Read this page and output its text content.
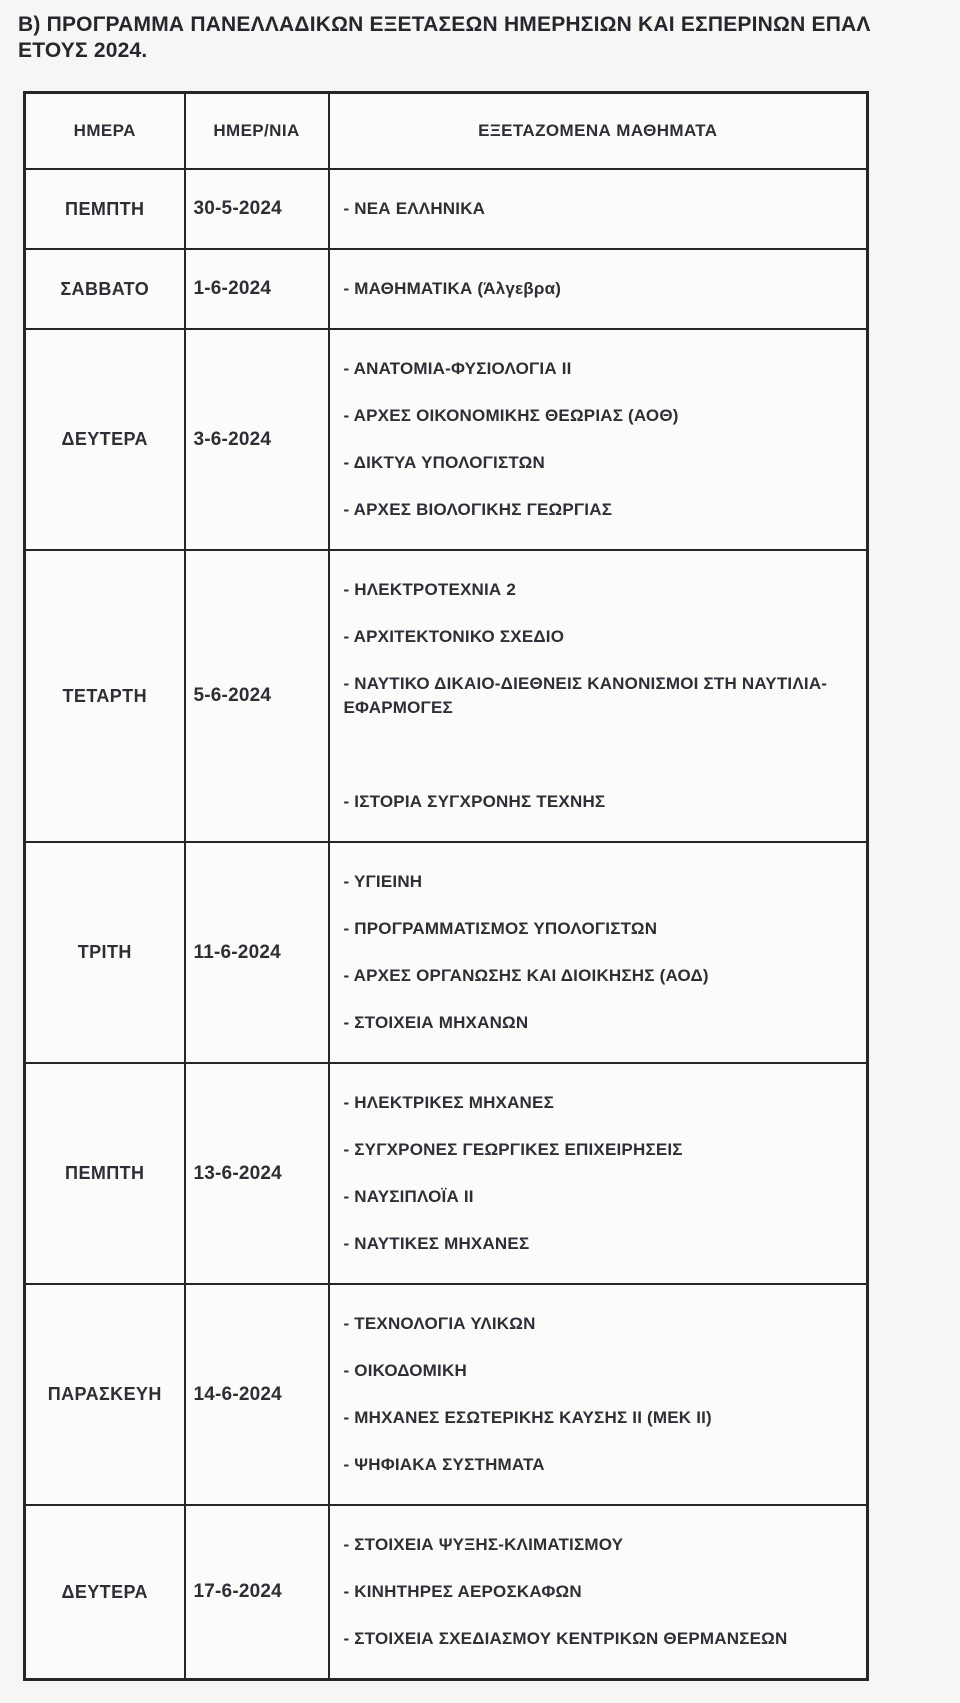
Β) ΠΡΟΓΡΑΜΜΑ ΠΑΝΕΛΛΑΔΙΚΩΝ ΕΞΕΤΑΣΕΩΝ ΗΜΕΡΗΣΙΩΝ ΚΑΙ ΕΣΠΕΡΙΝΩΝ ΕΠΑΛ ΕΤΟΥΣ 2024.
ΗΜΕΡΑ	ΗΜΕΡ/ΝΙΑ	ΕΞΕΤΑΖΟΜΕΝΑ ΜΑΘΗΜΑΤΑ
ΠΕΜΠΤΗ	30-5-2024	- ΝΕΑ ΕΛΛΗΝΙΚΑ

ΣΑΒΒΑΤΟ	1-6-2024	- ΜΑΘΗΜΑΤΙΚΑ (Άλγεβρα)

ΔΕΥΤΕΡΑ	3-6-2024	- ΑΝΑΤΟΜΙΑ-ΦΥΣΙΟΛΟΓΙΑ II

- ΑΡΧΕΣ ΟΙΚΟΝΟΜΙΚΗΣ ΘΕΩΡΙΑΣ (ΑΟΘ)

- ΔΙΚΤΥΑ ΥΠΟΛΟΓΙΣΤΩΝ

- ΑΡΧΕΣ ΒΙΟΛΟΓΙΚΗΣ ΓΕΩΡΓΙΑΣ

ΤΕΤΑΡΤΗ	5-6-2024	- ΗΛΕΚΤΡΟΤΕΧΝΙΑ 2

- ΑΡΧΙΤΕΚΤΟΝΙΚΟ ΣΧΕΔΙΟ

- ΝΑΥΤΙΚΟ ΔΙΚΑΙΟ-ΔΙΕΘΝΕΙΣ ΚΑΝΟΝΙΣΜΟΙ ΣΤΗ ΝΑΥΤΙΛΙΑ-ΕΦΑΡΜΟΓΕΣ

- ΙΣΤΟΡΙΑ ΣΥΓΧΡΟΝΗΣ ΤΕΧΝΗΣ

ΤΡΙΤΗ	11-6-2024	- ΥΓΙΕΙΝΗ

- ΠΡΟΓΡΑΜΜΑΤΙΣΜΟΣ ΥΠΟΛΟΓΙΣΤΩΝ

- ΑΡΧΕΣ ΟΡΓΑΝΩΣΗΣ ΚΑΙ ΔΙΟΙΚΗΣΗΣ (ΑΟΔ)

- ΣΤΟΙΧΕΙΑ ΜΗΧΑΝΩΝ

ΠΕΜΠΤΗ	13-6-2024	- ΗΛΕΚΤΡΙΚΕΣ ΜΗΧΑΝΕΣ

- ΣΥΓΧΡΟΝΕΣ ΓΕΩΡΓΙΚΕΣ ΕΠΙΧΕΙΡΗΣΕΙΣ

- ΝΑΥΣΙΠΛΟΪΑ II

- ΝΑΥΤΙΚΕΣ ΜΗΧΑΝΕΣ

ΠΑΡΑΣΚΕΥΗ	14-6-2024	- ΤΕΧΝΟΛΟΓΙΑ ΥΛΙΚΩΝ

- ΟΙΚΟΔΟΜΙΚΗ

- ΜΗΧΑΝΕΣ ΕΣΩΤΕΡΙΚΗΣ ΚΑΥΣΗΣ II (ΜΕΚ II)

- ΨΗΦΙΑΚΑ ΣΥΣΤΗΜΑΤΑ

ΔΕΥΤΕΡΑ	17-6-2024	- ΣΤΟΙΧΕΙΑ ΨΥΞΗΣ-ΚΛΙΜΑΤΙΣΜΟΥ

- ΚΙΝΗΤΗΡΕΣ ΑΕΡΟΣΚΑΦΩΝ

- ΣΤΟΙΧΕΙΑ ΣΧΕΔΙΑΣΜΟΥ ΚΕΝΤΡΙΚΩΝ ΘΕΡΜΑΝΣΕΩΝ
